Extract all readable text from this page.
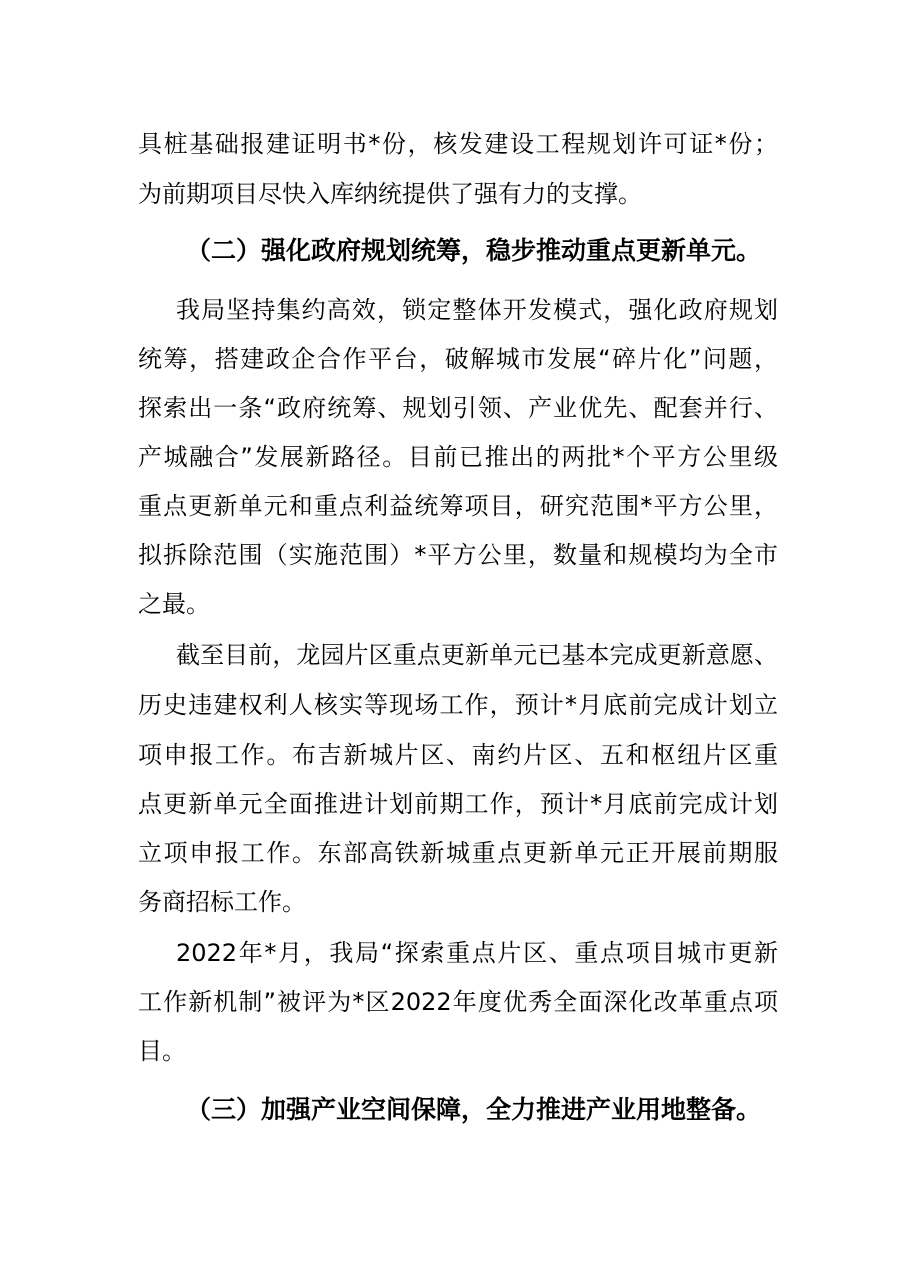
具桩基础报建证明书*份，核发建设工程规划许可证*份；
为前期项目尽快入库纳统提供了强有力的支撑。
（二）强化政府规划统筹，稳步推动重点更新单元。
我局坚持集约高效，锁定整体开发模式，强化政府规划
统筹，搭建政企合作平台，破解城市发展“碎片化”问题，
探索出一条“政府统筹、规划引领、产业优先、配套并行、
产城融合”发展新路径。目前已推出的两批*个平方公里级
重点更新单元和重点利益统筹项目，研究范围*平方公里，
拟拆除范围（实施范围）*平方公里，数量和规模均为全市
之最。
截至目前，龙园片区重点更新单元已基本完成更新意愿、
历史违建权利人核实等现场工作，预计*月底前完成计划立
项申报工作。布吉新城片区、南约片区、五和枢纽片区重
点更新单元全面推进计划前期工作，预计*月底前完成计划
立项申报工作。东部高铁新城重点更新单元正开展前期服
务商招标工作。
2022年*月，我局“探索重点片区、重点项目城市更新
工作新机制”被评为*区2022年度优秀全面深化改革重点项
目。
（三）加强产业空间保障，全力推进产业用地整备。
